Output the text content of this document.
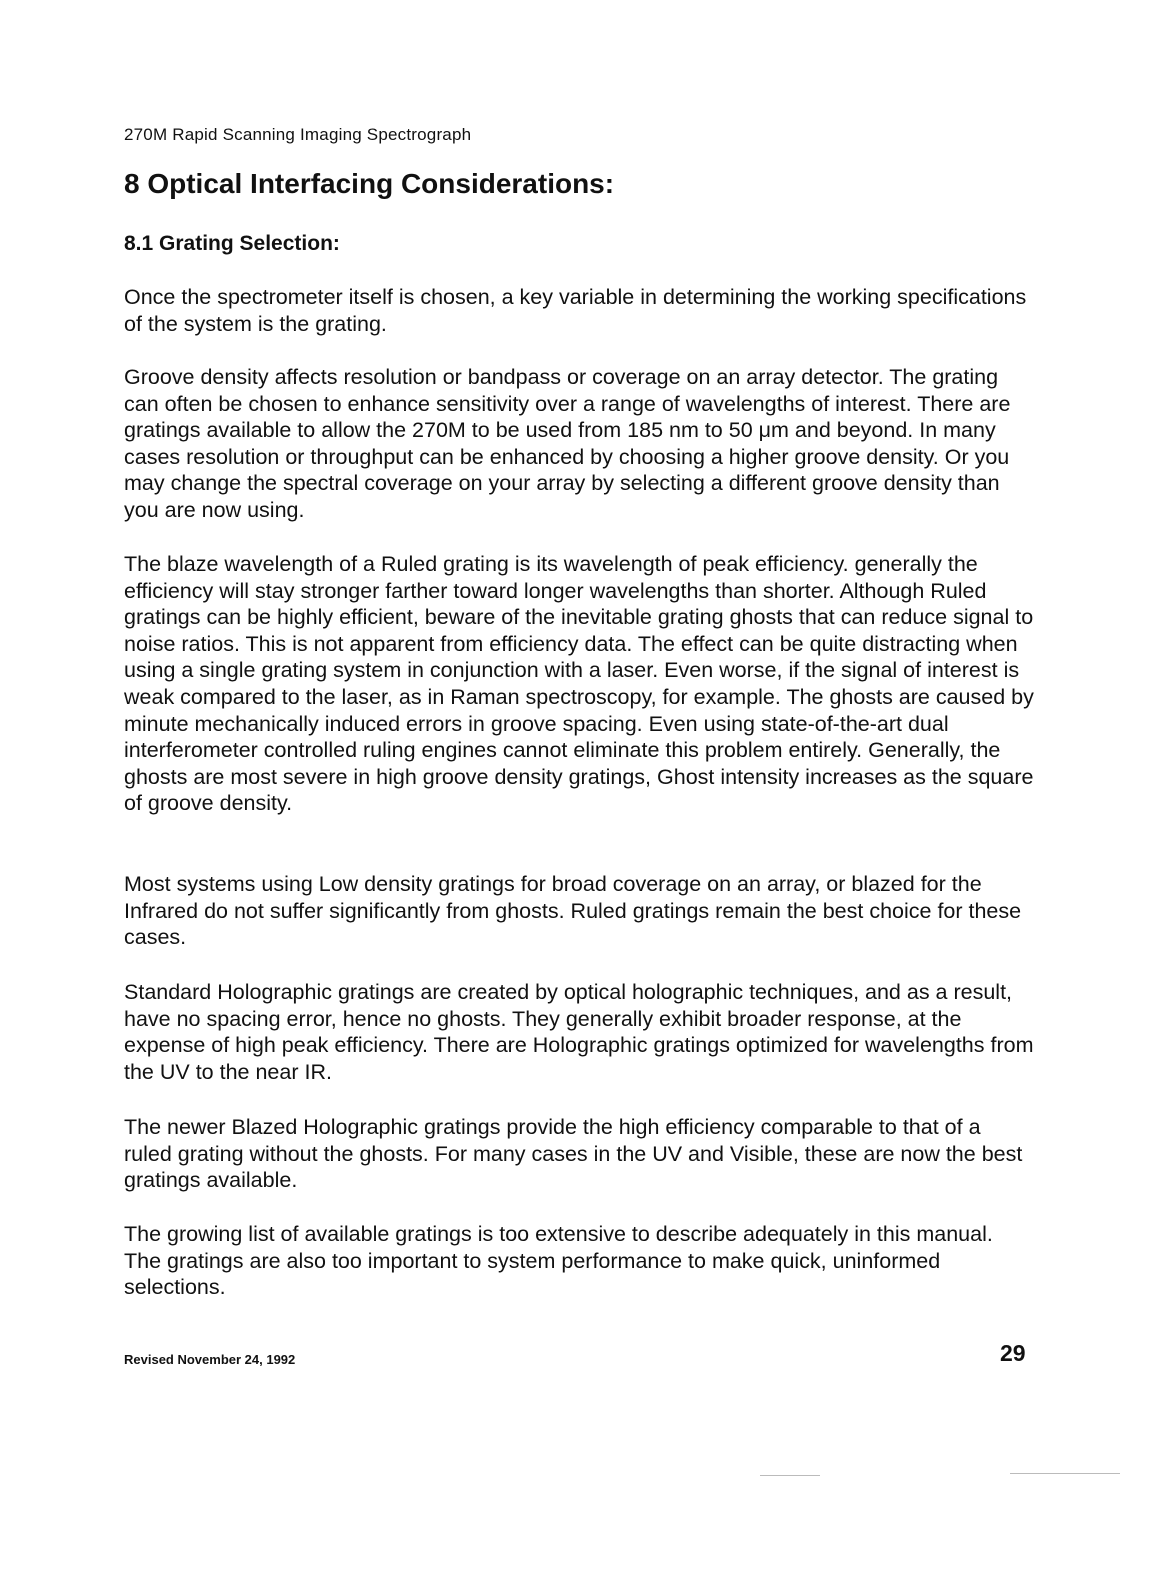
270M Rapid Scanning Imaging Spectrograph
8 Optical Interfacing Considerations:
8.1 Grating Selection:

Once the spectrometer itself is chosen, a key variable in determining the working specifications of the system is the grating.

Groove density affects resolution or bandpass or coverage on an array detector. The grating can often be chosen to enhance sensitivity over a range of wavelengths of interest. There are gratings available to allow the 270M to be used from 185 nm to 50 μm and beyond. In many cases resolution or throughput can be enhanced by choosing a higher groove density. Or you may change the spectral coverage on your array by selecting a different groove density than you are now using.

The blaze wavelength of a Ruled grating is its wavelength of peak efficiency. generally the efficiency will stay stronger farther toward longer wavelengths than shorter. Although Ruled gratings can be highly efficient, beware of the inevitable grating ghosts that can reduce signal to noise ratios. This is not apparent from efficiency data. The effect can be quite distracting when using a single grating system in conjunction with a laser. Even worse, if the signal of interest is weak compared to the laser, as in Raman spectroscopy, for example. The ghosts are caused by minute mechanically induced errors in groove spacing. Even using state-of-the-art dual interferometer controlled ruling engines cannot eliminate this problem entirely. Generally, the ghosts are most severe in high groove density gratings, Ghost intensity increases as the square of groove density.

Most systems using Low density gratings for broad coverage on an array, or blazed for the Infrared do not suffer significantly from ghosts. Ruled gratings remain the best choice for these cases.

Standard Holographic gratings are created by optical holographic techniques, and as a result, have no spacing error, hence no ghosts. They generally exhibit broader response, at the expense of high peak efficiency. There are Holographic gratings optimized for wavelengths from the UV to the near IR.

The newer Blazed Holographic gratings provide the high efficiency comparable to that of a ruled grating without the ghosts. For many cases in the UV and Visible, these are now the best gratings available.

The growing list of available gratings is too extensive to describe adequately in this manual. The gratings are also too important to system performance to make quick, uninformed selections.

Revised November 24, 1992	29
